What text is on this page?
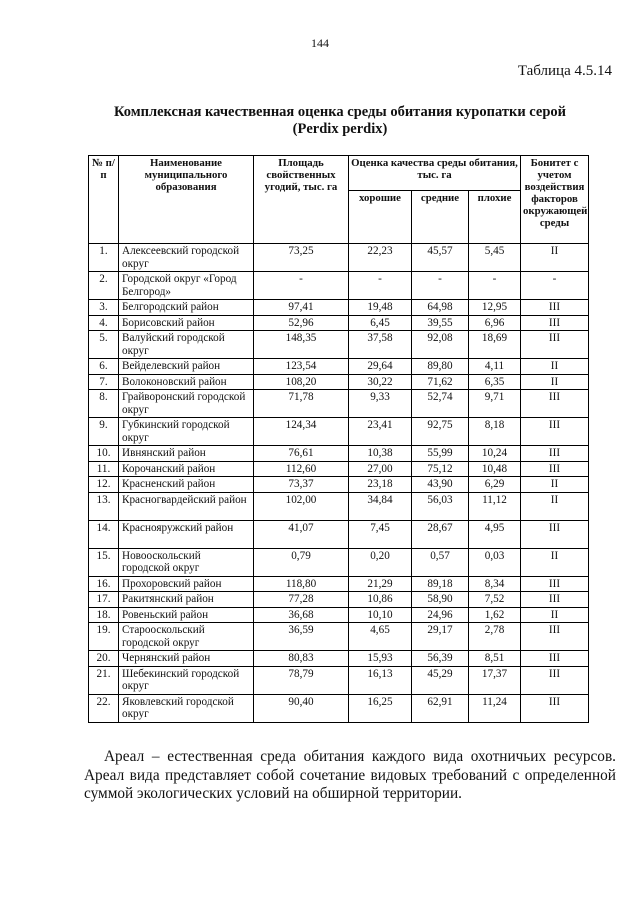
144
Таблица 4.5.14
Комплексная качественная оценка среды обитания куропатки серой
(Perdix perdix)
№ п/п	Наименование муниципального образования	Площадь свойственных угодий, тыс. га	Оценка качества среды обитания, тыс. га			Бонитет с учетом воздействия факторов окружающей среды
			хорошие	средние	плохие	
1.	Алексеевский городской округ	73,25	22,23	45,57	5,45	II
2.	Городской округ «Город Белгород»	-	-	-	-	-
3.	Белгородский район	97,41	19,48	64,98	12,95	III
4.	Борисовский район	52,96	6,45	39,55	6,96	III
5.	Валуйский городской округ	148,35	37,58	92,08	18,69	III
6.	Вейделевский район	123,54	29,64	89,80	4,11	II
7.	Волоконовский район	108,20	30,22	71,62	6,35	II
8.	Грайворонский городской округ	71,78	9,33	52,74	9,71	III
9.	Губкинский городской округ	124,34	23,41	92,75	8,18	III
10.	Ивнянский район	76,61	10,38	55,99	10,24	III
11.	Корочанский район	112,60	27,00	75,12	10,48	III
12.	Красненский район	73,37	23,18	43,90	6,29	II
13.	Красногвардейский район	102,00	34,84	56,03	11,12	II
14.	Краснояружский район	41,07	7,45	28,67	4,95	III
15.	Новооскольский городской округ	0,79	0,20	0,57	0,03	II
16.	Прохоровский район	118,80	21,29	89,18	8,34	III
17.	Ракитянский район	77,28	10,86	58,90	7,52	III
18.	Ровеньский район	36,68	10,10	24,96	1,62	II
19.	Старооскольский городской округ	36,59	4,65	29,17	2,78	III
20.	Чернянский район	80,83	15,93	56,39	8,51	III
21.	Шебекинский городской округ	78,79	16,13	45,29	17,37	III
22.	Яковлевский городской округ	90,40	16,25	62,91	11,24	III
Ареал – естественная среда обитания каждого вида охотничьих ресурсов. Ареал вида представляет собой сочетание видовых требований с определенной суммой экологических условий на обширной территории.
